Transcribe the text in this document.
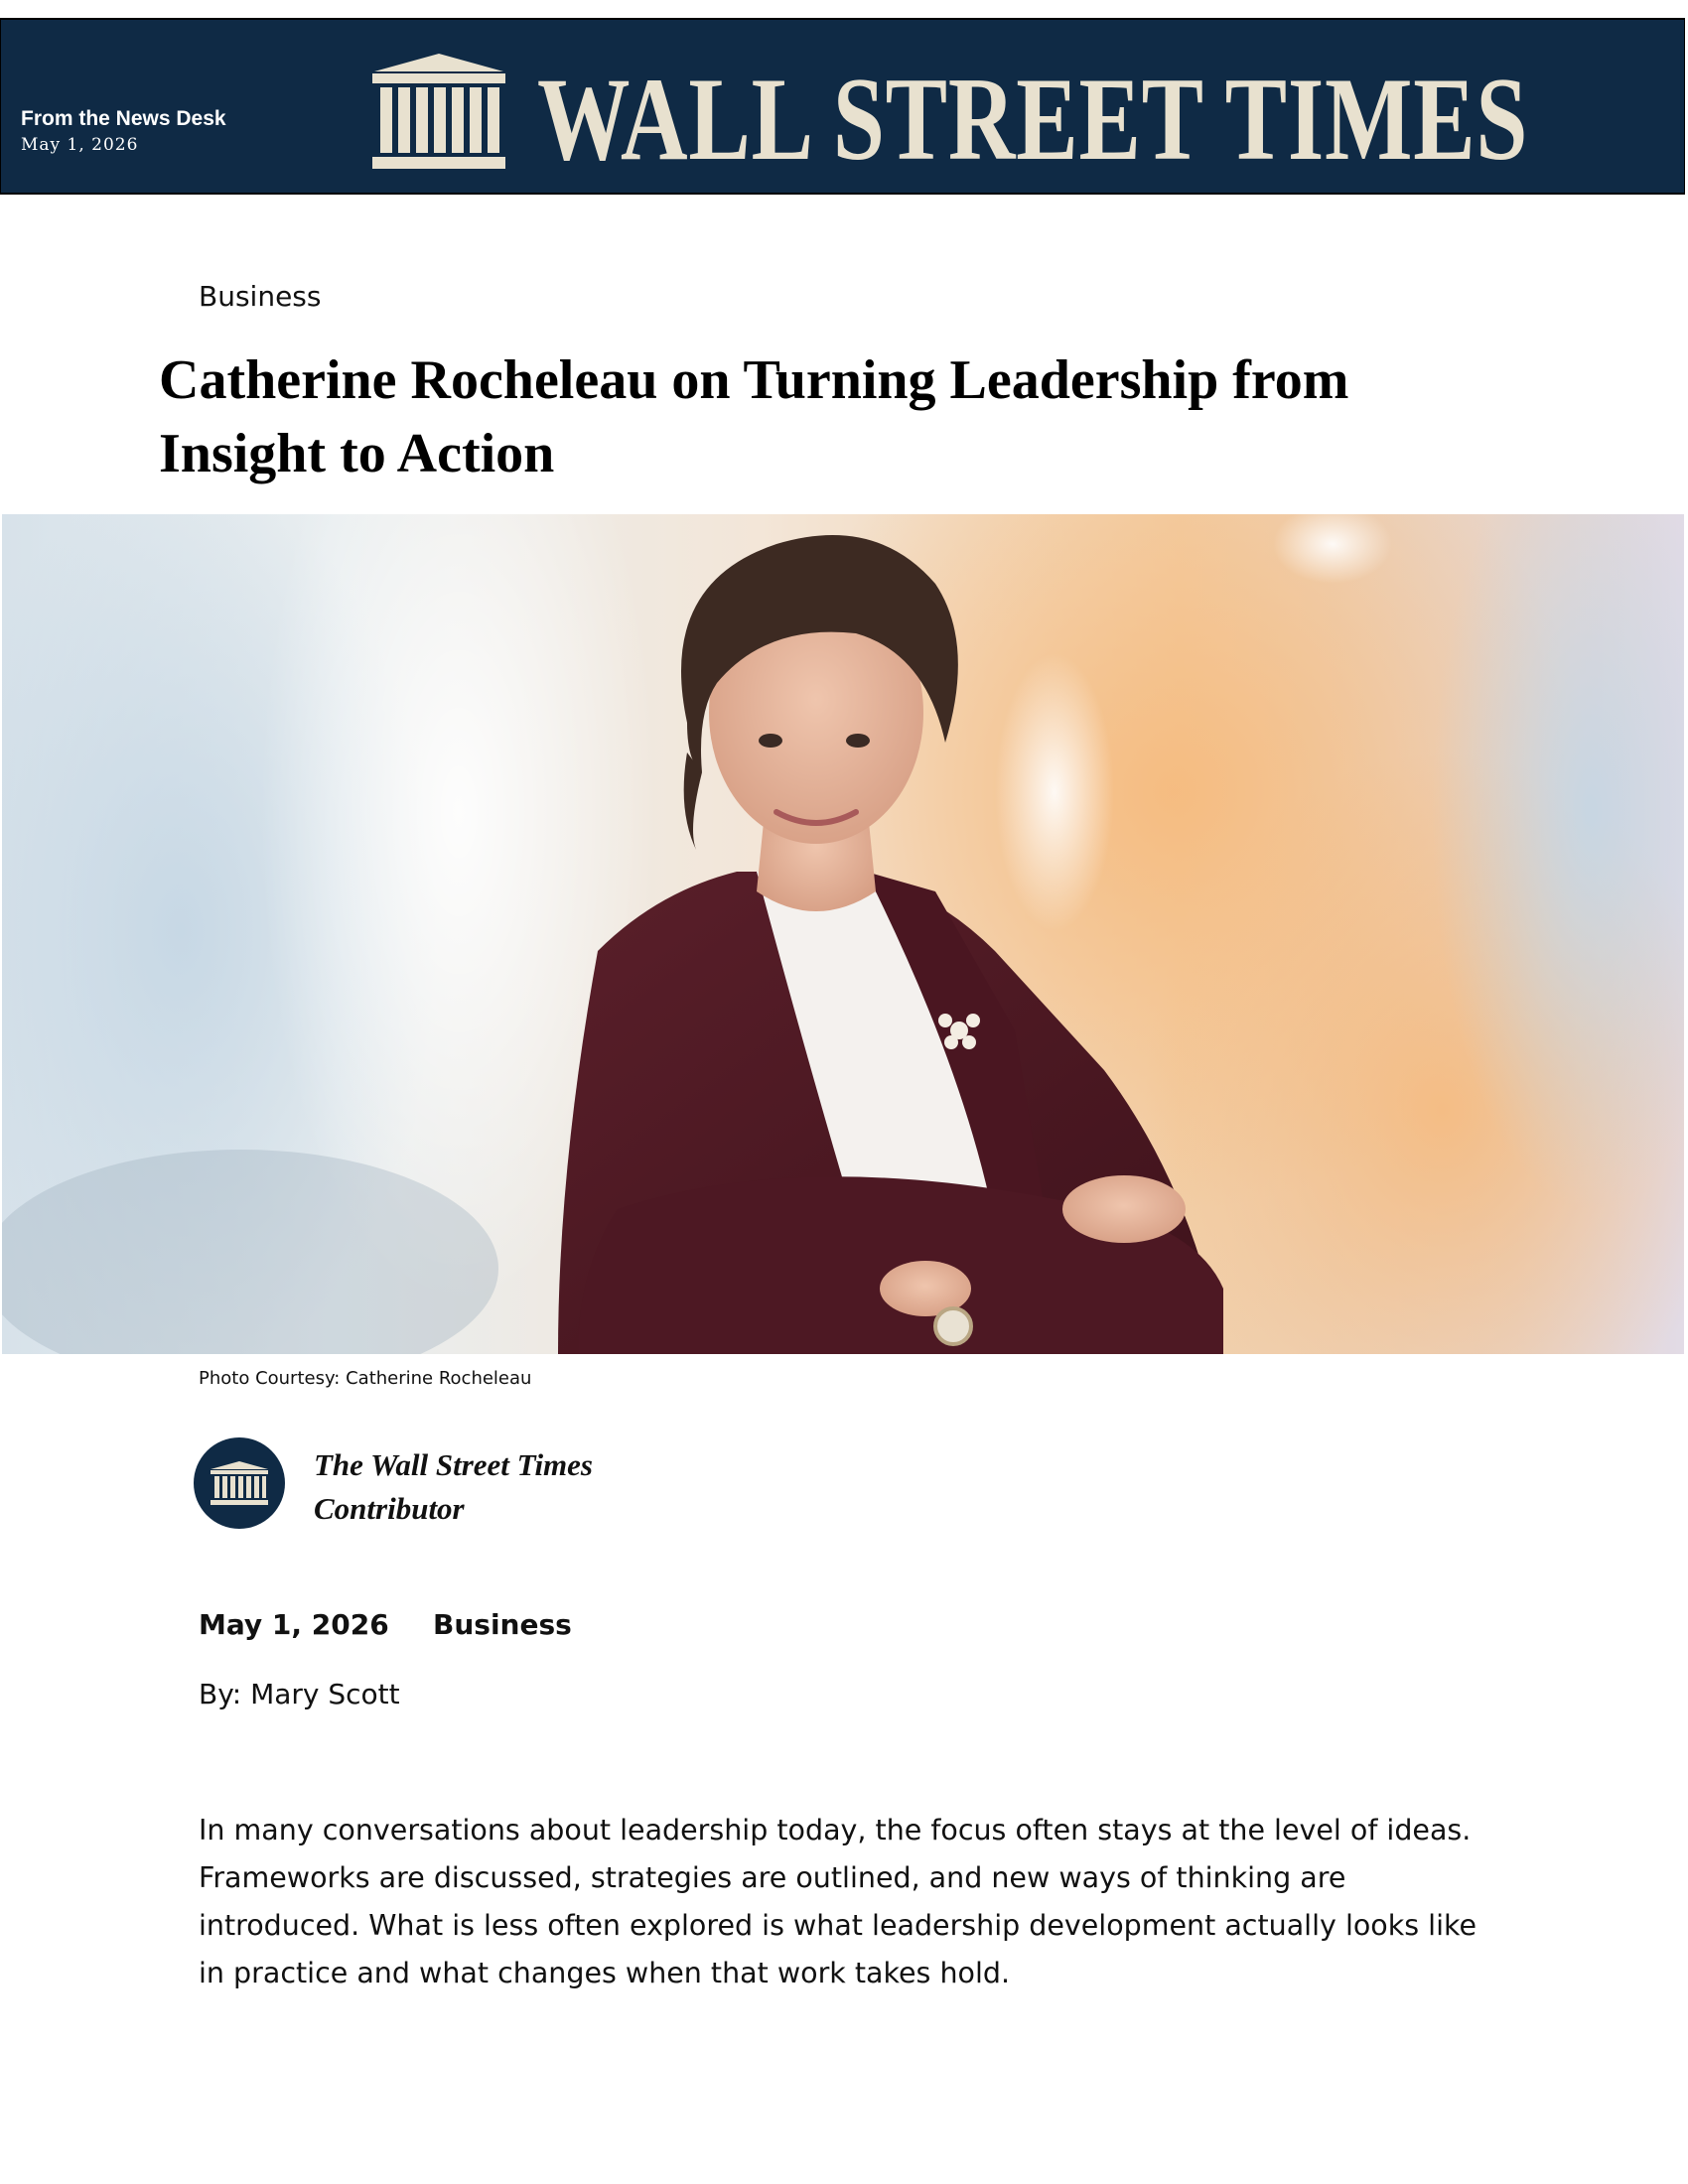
From the News Desk
May 1, 2026	WALL STREET TIMES
Business
Catherine Rocheleau on Turning Leadership from Insight to Action
Photo Courtesy: Catherine Rocheleau
The Wall Street Times
Contributor
May 1, 2026 Business
By: Mary Scott

In many conversations about leadership today, the focus often stays at the level of ideas. Frameworks are discussed, strategies are outlined, and new ways of thinking are introduced. What is less often explored is what leadership development actually looks like in practice and what changes when that work takes hold.
